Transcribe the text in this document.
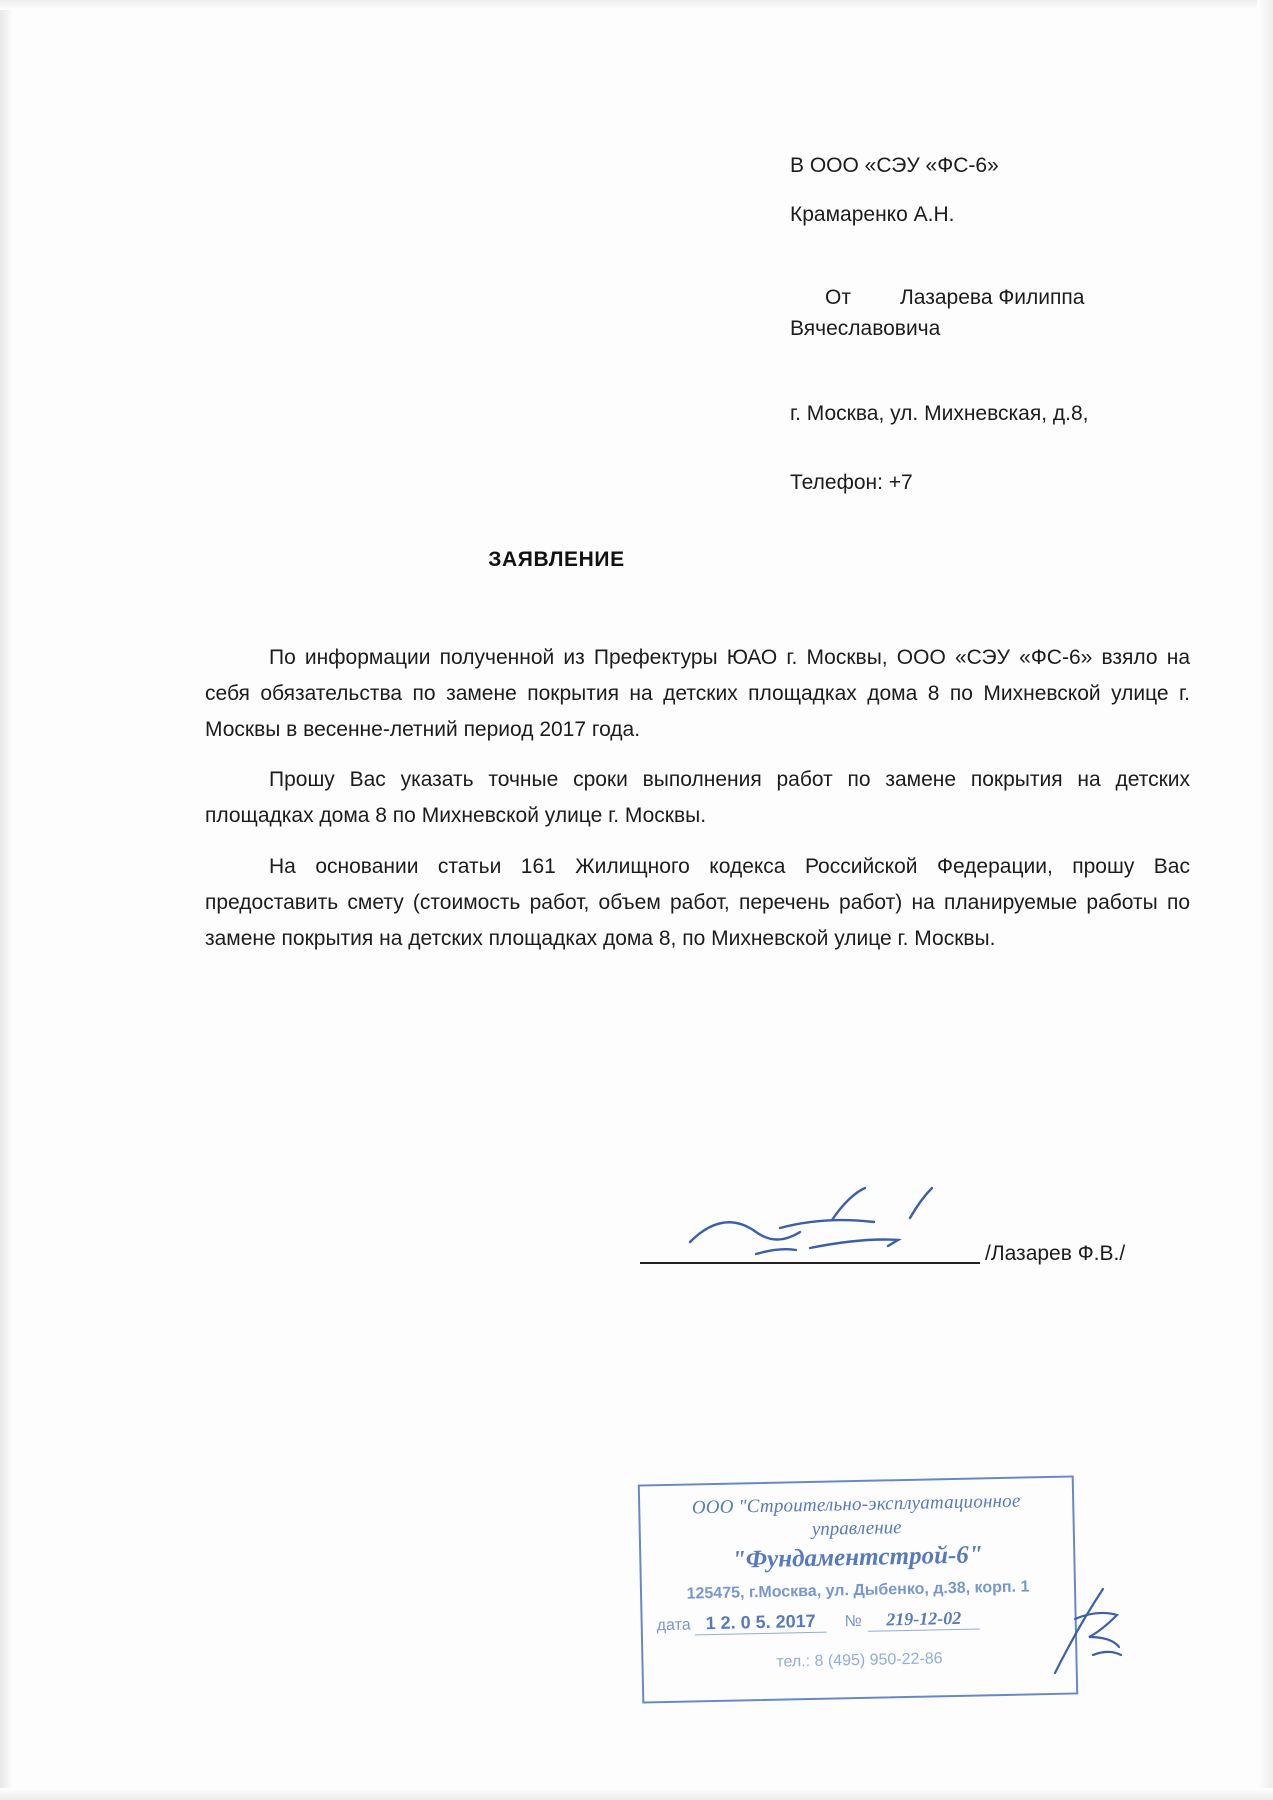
В ООО «СЭУ «ФС-6»
Крамаренко А.Н.

От Лазарева Филиппа Вячеславовича

г. Москва, ул. Михневская, д.8,
Телефон: +7
ЗАЯВЛЕНИЕ

По информации полученной из Префектуры ЮАО г. Москвы, ООО «СЭУ «ФС-6» взяло на себя обязательства по замене покрытия на детских площадках дома 8 по Михневской улице г. Москвы в весенне-летний период 2017 года.

Прошу Вас указать точные сроки выполнения работ по замене покрытия на детских площадках дома 8 по Михневской улице г. Москвы.

На основании статьи 161 Жилищного кодекса Российской Федерации, прошу Вас предоставить смету (стоимость работ, объем работ, перечень работ) на планируемые работы по замене покрытия на детских площадках дома 8, по Михневской улице г. Москвы.

/Лазарев Ф.В./
ООО "Строительно-эксплуатационное
управление
"Фундаментстрой-6"
125475, г.Москва, ул. Дыбенко, д.38, корп. 1
дата 1 2. 0 5. 2017	№	219-12-02
тел.: 8 (495) 950-22-86
